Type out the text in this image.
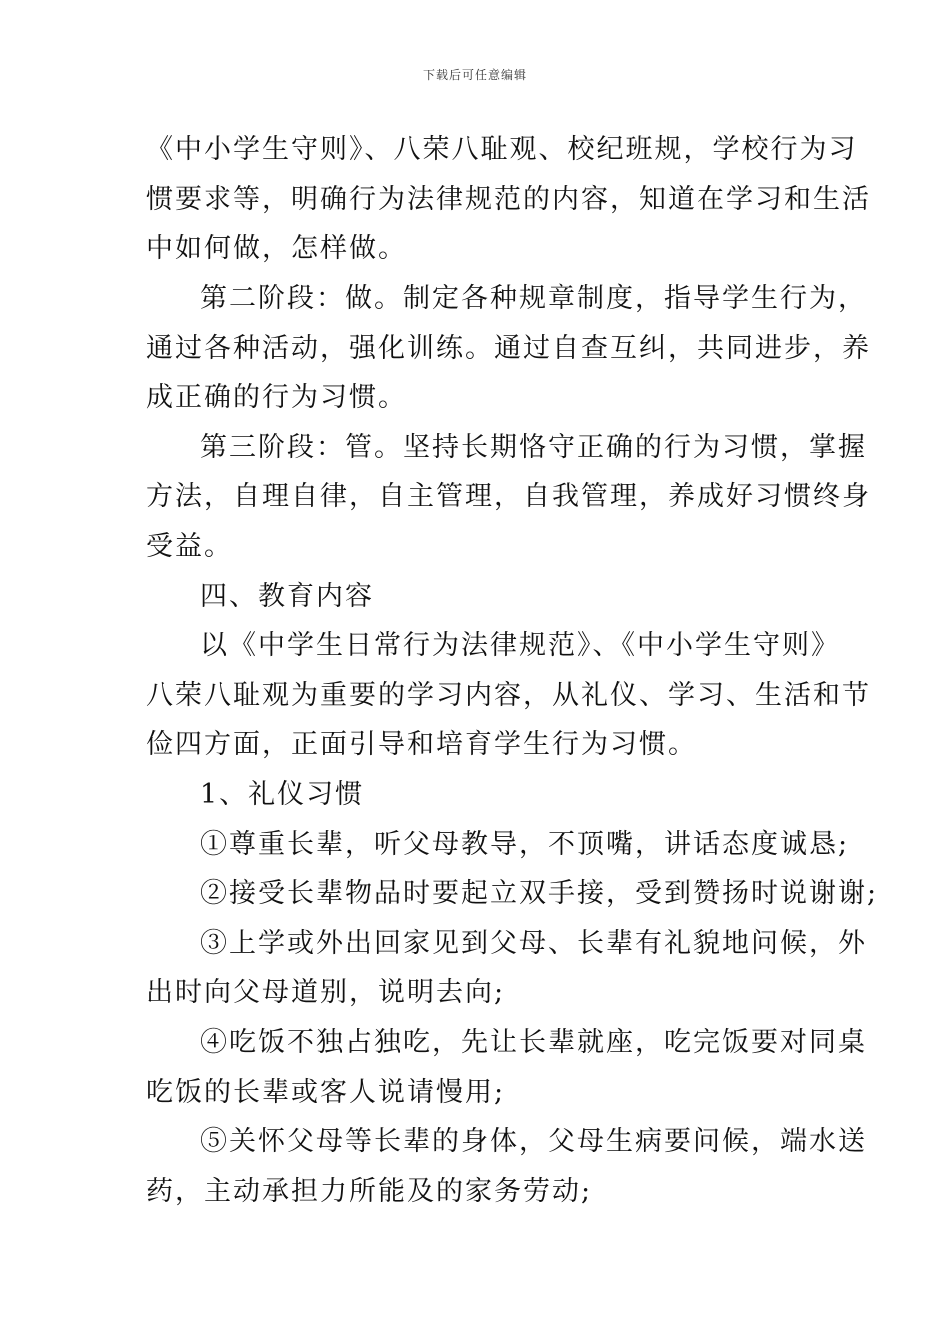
下载后可任意编辑
《中小学生守则》、八荣八耻观、校纪班规，学校行为习
惯要求等，明确行为法律规范的内容，知道在学习和生活
中如何做，怎样做。
第二阶段：做。制定各种规章制度，指导学生行为，
通过各种活动，强化训练。通过自查互纠，共同进步，养
成正确的行为习惯。
第三阶段：管。坚持长期恪守正确的行为习惯，掌握
方法，自理自律，自主管理，自我管理，养成好习惯终身
受益。
四、教育内容
以《中学生日常行为法律规范》、《中小学生守则》
八荣八耻观为重要的学习内容，从礼仪、学习、生活和节
俭四方面，正面引导和培育学生行为习惯。
1、礼仪习惯
①尊重长辈，听父母教导，不顶嘴，讲话态度诚恳;
②接受长辈物品时要起立双手接，受到赞扬时说谢谢;
③上学或外出回家见到父母、长辈有礼貌地问候，外
出时向父母道别，说明去向;
④吃饭不独占独吃，先让长辈就座，吃完饭要对同桌
吃饭的长辈或客人说请慢用;
⑤关怀父母等长辈的身体，父母生病要问候，端水送
药，主动承担力所能及的家务劳动;
